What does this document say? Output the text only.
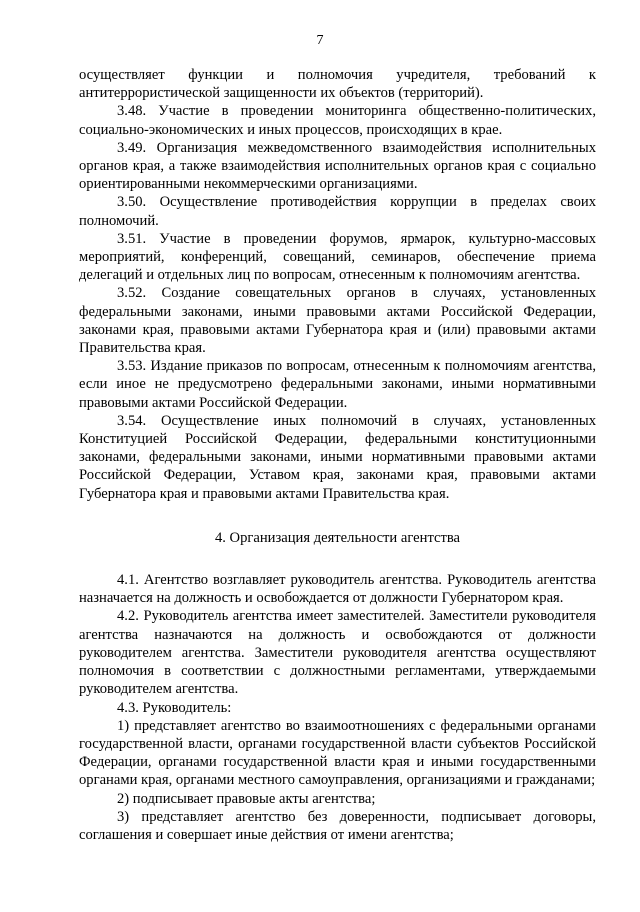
7

осуществляет функции и полномочия учредителя, требований к антитеррористической защищенности их объектов (территорий).

3.48. Участие в проведении мониторинга общественно-политических, социально-экономических и иных процессов, происходящих в крае.

3.49. Организация межведомственного взаимодействия исполнительных органов края, а также взаимодействия исполнительных органов края с социально ориентированными некоммерческими организациями.

3.50. Осуществление противодействия коррупции в пределах своих полномочий.

3.51. Участие в проведении форумов, ярмарок, культурно-массовых мероприятий, конференций, совещаний, семинаров, обеспечение приема делегаций и отдельных лиц по вопросам, отнесенным к полномочиям агентства.

3.52. Создание совещательных органов в случаях, установленных федеральными законами, иными правовыми актами Российской Федерации, законами края, правовыми актами Губернатора края и (или) правовыми актами Правительства края.

3.53. Издание приказов по вопросам, отнесенным к полномочиям агентства, если иное не предусмотрено федеральными законами, иными нормативными правовыми актами Российской Федерации.

3.54. Осуществление иных полномочий в случаях, установленных Конституцией Российской Федерации, федеральными конституционными законами, федеральными законами, иными нормативными правовыми актами Российской Федерации, Уставом края, законами края, правовыми актами Губернатора края и правовыми актами Правительства края.

4. Организация деятельности агентства

4.1. Агентство возглавляет руководитель агентства. Руководитель агентства назначается на должность и освобождается от должности Губернатором края.

4.2. Руководитель агентства имеет заместителей. Заместители руководителя агентства назначаются на должность и освобождаются от должности руководителем агентства. Заместители руководителя агентства осуществляют полномочия в соответствии с должностными регламентами, утверждаемыми руководителем агентства.

4.3. Руководитель:

1) представляет агентство во взаимоотношениях с федеральными органами государственной власти, органами государственной власти субъектов Российской Федерации, органами государственной власти края и иными государственными органами края, органами местного самоуправления, организациями и гражданами;

2) подписывает правовые акты агентства;

3) представляет агентство без доверенности, подписывает договоры, соглашения и совершает иные действия от имени агентства;
